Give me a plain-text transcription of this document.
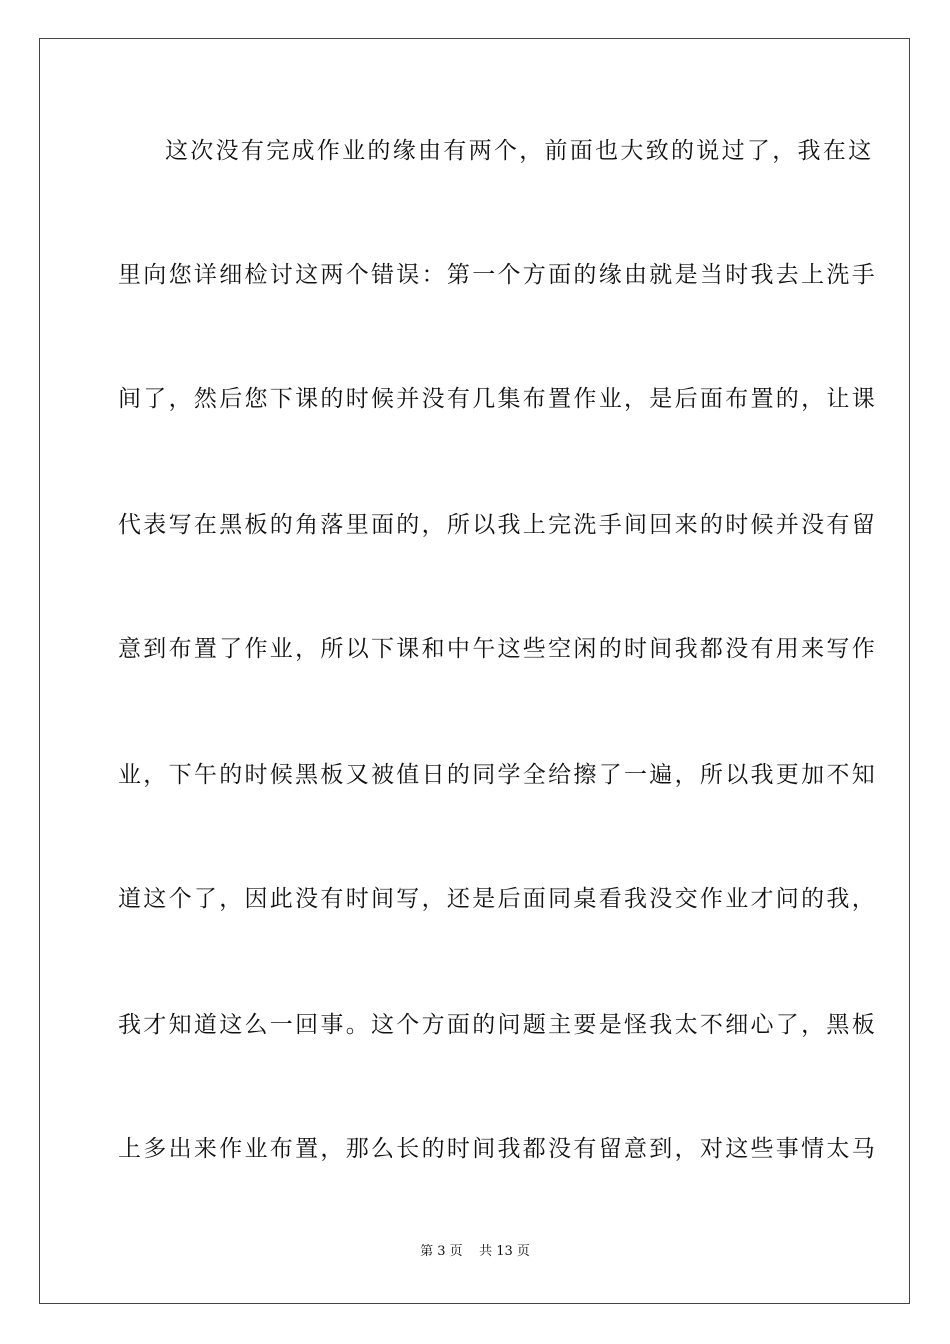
这次没有完成作业的缘由有两个，前面也大致的说过了，我在这
里向您详细检讨这两个错误：第一个方面的缘由就是当时我去上洗手
间了，然后您下课的时候并没有几集布置作业，是后面布置的，让课
代表写在黑板的角落里面的，所以我上完洗手间回来的时候并没有留
意到布置了作业，所以下课和中午这些空闲的时间我都没有用来写作
业，下午的时候黑板又被值日的同学全给擦了一遍，所以我更加不知
道这个了，因此没有时间写，还是后面同桌看我没交作业才问的我，
我才知道这么一回事。这个方面的问题主要是怪我太不细心了，黑板
上多出来作业布置，那么长的时间我都没有留意到，对这些事情太马
第 3 页    共 13 页
